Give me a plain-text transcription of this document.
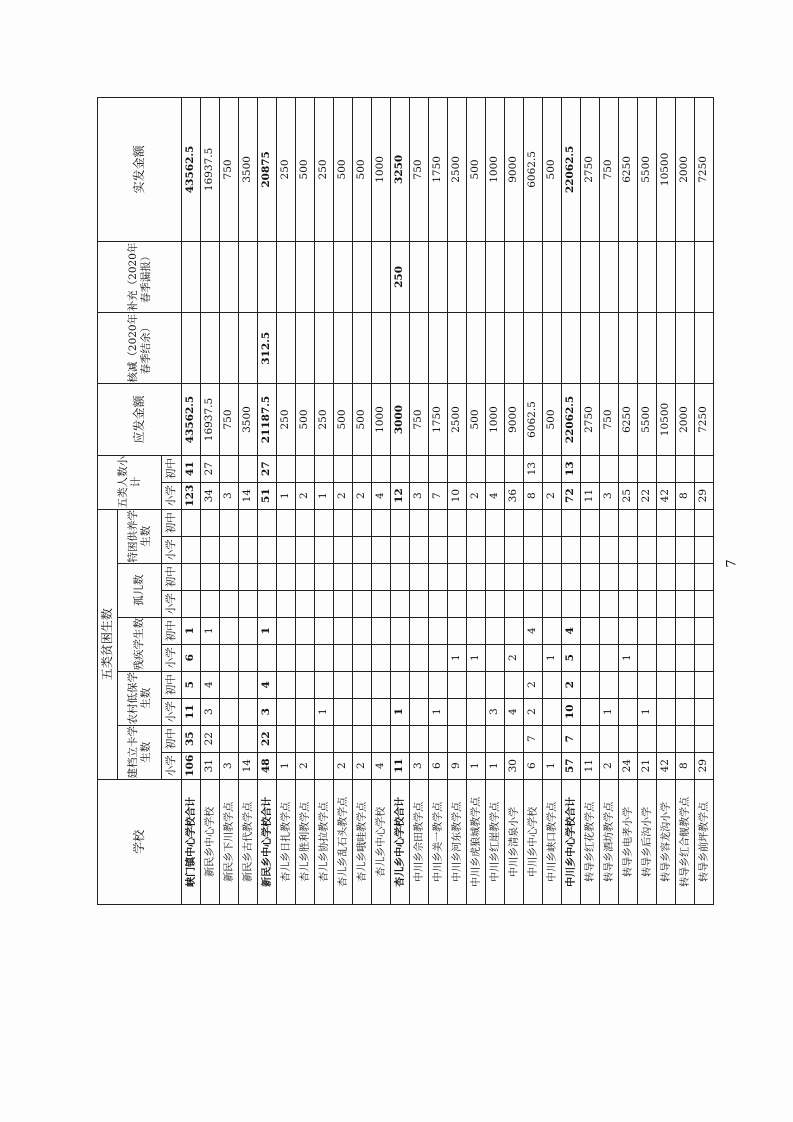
学校	五类贫困生数										五类人数小计		应发金额	核减（2020年春季结余）	补充（2020年春季漏报）	实发金额
	建档立卡学生数		农村低保学生数		残疾学生数		孤儿数		特困供养学生数							
	小学	初中	小学	初中	小学	初中	小学	初中	小学	初中	小学	初中				
峡门镇中心学校合计	106	35	11	5	6	1					123	41	43562.5			43562.5
新民乡中心学校	31	22	3	4		1					34	27	16937.5			16937.5
新民乡下川教学点	3										3		750			750
新民乡古代教学点	14										14		3500			3500
新民乡中心学校合计	48	22	3	4		1					51	27	21187.5	312.5		20875
杏儿乡日扎教学点	1										1		250			250
杏儿乡胜利教学点	2										2		500			500
杏儿乡协拉教学点			1								1		250			250
杏儿乡乱石头教学点	2										2		500			500
杏儿乡哦哇教学点	2										2		500			500
杏儿乡中心学校	4										4		1000			1000
杏儿乡中心学校合计	11		1								12		3000		250	3250
中川乡佘田教学点	3										3		750			750
中川乡美一教学点	6		1								7		1750			1750
中川乡河东教学点	9				1						10		2500			2500
中川乡虎狼城教学点	1				1						2		500			500
中川乡红崖教学点	1		3								4		1000			1000
中川乡清泉小学	30		4		2						36		9000			9000
中川乡中心学校	6	7	2	2		4					8	13	6062.5			6062.5
中川乡峡口教学点	1				1						2		500			500
中川乡中心学校合计	57	7	10	2	5	4					72	13	22062.5			22062.5
转导乡红花教学点	11										11		2750			2750
转导乡酒坊教学点	2		1								3		750			750
转导乡电孝小学	24				1						25		6250			6250
转导乡后沟小学	21		1								22		5500			5500
转导乡容龙沟小学	42										42		10500			10500
转导乡红合舰教学点	8										8		2000			2000
转导乡前坪教学点	29										29		7250			7250
7
